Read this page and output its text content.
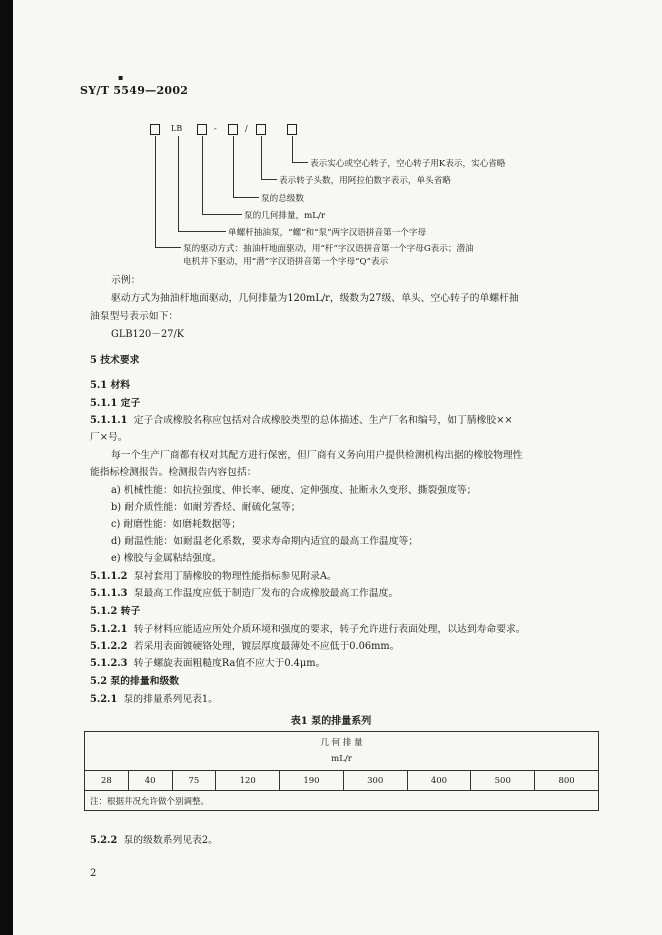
▪
SY/T 5549—2002
LB	-	/
表示实心或空心转子，空心转子用K表示，实心省略
表示转子头数，用阿拉伯数字表示，单头省略
泵的总级数
泵的几何排量，mL/r
单螺杆抽油泵，“螺”和“泵”两字汉语拼音第一个字母
泵的驱动方式：抽油杆地面驱动，用“杆”字汉语拼音第一个字母G表示；潜油
电机井下驱动，用“潜”字汉语拼音第一个字母“Q”表示
示例：
驱动方式为抽油杆地面驱动，几何排量为120mL/r，级数为27级、单头、空心转子的单螺杆抽
油泵型号表示如下：
GLB120－27/K
5 技术要求
5.1 材料
5.1.1 定子
5.1.1.1 定子合成橡胶名称应包括对合成橡胶类型的总体描述、生产厂名和编号，如丁腈橡胶××
厂×号。
每一个生产厂商都有权对其配方进行保密，但厂商有义务向用户提供检测机构出据的橡胶物理性
能指标检测报告。检测报告内容包括：
a) 机械性能：如抗拉强度、伸长率、硬度、定伸强度、扯断永久变形、撕裂强度等；
b) 耐介质性能：如耐芳香烃、耐硫化氢等；
c) 耐磨性能：如磨耗数据等；
d) 耐温性能：如耐温老化系数，要求寿命期内适宜的最高工作温度等；
e) 橡胶与金属粘结强度。
5.1.1.2 泵衬套用丁腈橡胶的物理性能指标参见附录A。
5.1.1.3 泵最高工作温度应低于制造厂发布的合成橡胶最高工作温度。
5.1.2 转子
5.1.2.1 转子材料应能适应所处介质环境和强度的要求，转子允许进行表面处理，以达到寿命要求。
5.1.2.2 若采用表面镀硬铬处理，镀层厚度最薄处不应低于0.06mm。
5.1.2.3 转子螺旋表面粗糙度Ra值不应大于0.4μm。
5.2 泵的排量和级数
5.2.1 泵的排量系列见表1。
表1 泵的排量系列
几 何 排 量
mL/r

28	40	75	120	190	300	400	500	800
注：根据井况允许做个别调整。
5.2.2 泵的级数系列见表2。
2
